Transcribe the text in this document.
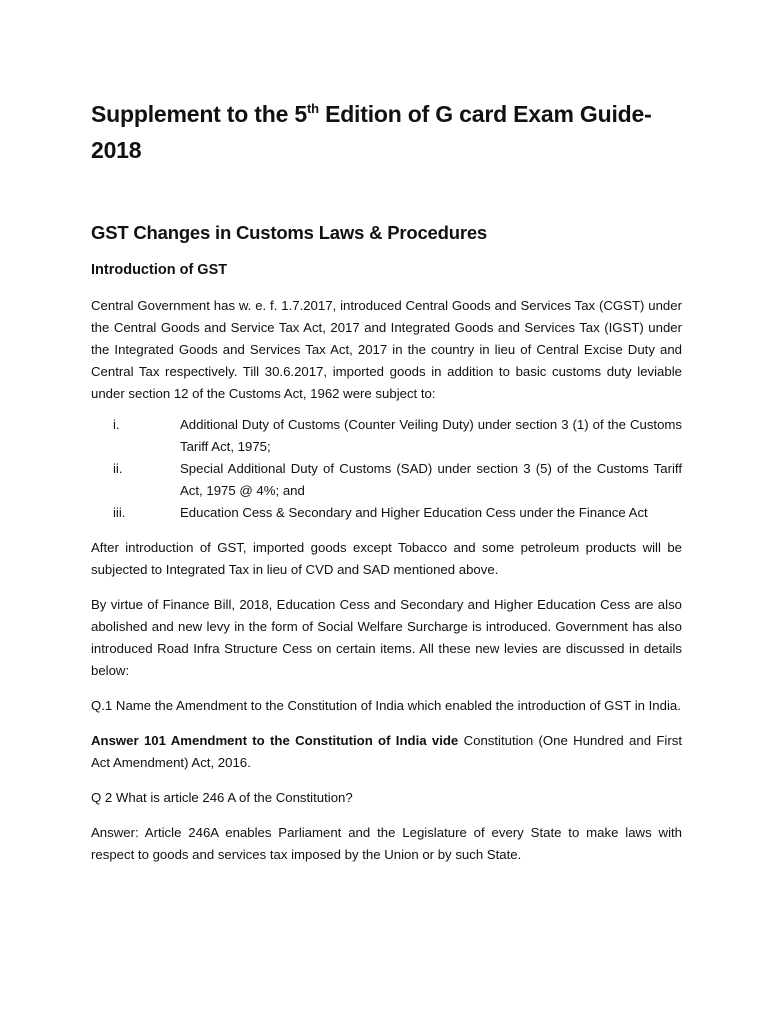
Supplement to the 5th Edition of G card Exam Guide-2018
GST Changes in Customs Laws & Procedures
Introduction of GST

Central Government has w. e. f. 1.7.2017, introduced Central Goods and Services Tax (CGST) under the Central Goods and Service Tax Act, 2017 and Integrated Goods and Services Tax (IGST) under the Integrated Goods and Services Tax Act, 2017 in the country in lieu of Central Excise Duty and Central Tax respectively. Till 30.6.2017, imported goods in addition to basic customs duty leviable under section 12 of the Customs Act, 1962 were subject to:

i.	Additional Duty of Customs (Counter Veiling Duty) under section 3 (1) of the Customs Tariff Act, 1975;
ii.	Special Additional Duty of Customs (SAD) under section 3 (5) of the Customs Tariff Act, 1975 @ 4%; and
iii.	Education Cess & Secondary and Higher Education Cess under the Finance Act

After introduction of GST, imported goods except Tobacco and some petroleum products will be subjected to Integrated Tax in lieu of CVD and SAD mentioned above.

By virtue of Finance Bill, 2018, Education Cess and Secondary and Higher Education Cess are also abolished and new levy in the form of Social Welfare Surcharge is introduced. Government has also introduced Road Infra Structure Cess on certain items. All these new levies are discussed in details below:

Q.1 Name the Amendment to the Constitution of India which enabled the introduction of GST in India.

Answer 101 Amendment to the Constitution of India vide Constitution (One Hundred and First Act Amendment) Act, 2016.

Q 2 What is article 246 A of the Constitution?

Answer: Article 246A enables Parliament and the Legislature of every State to make laws with respect to goods and services tax imposed by the Union or by such State.
